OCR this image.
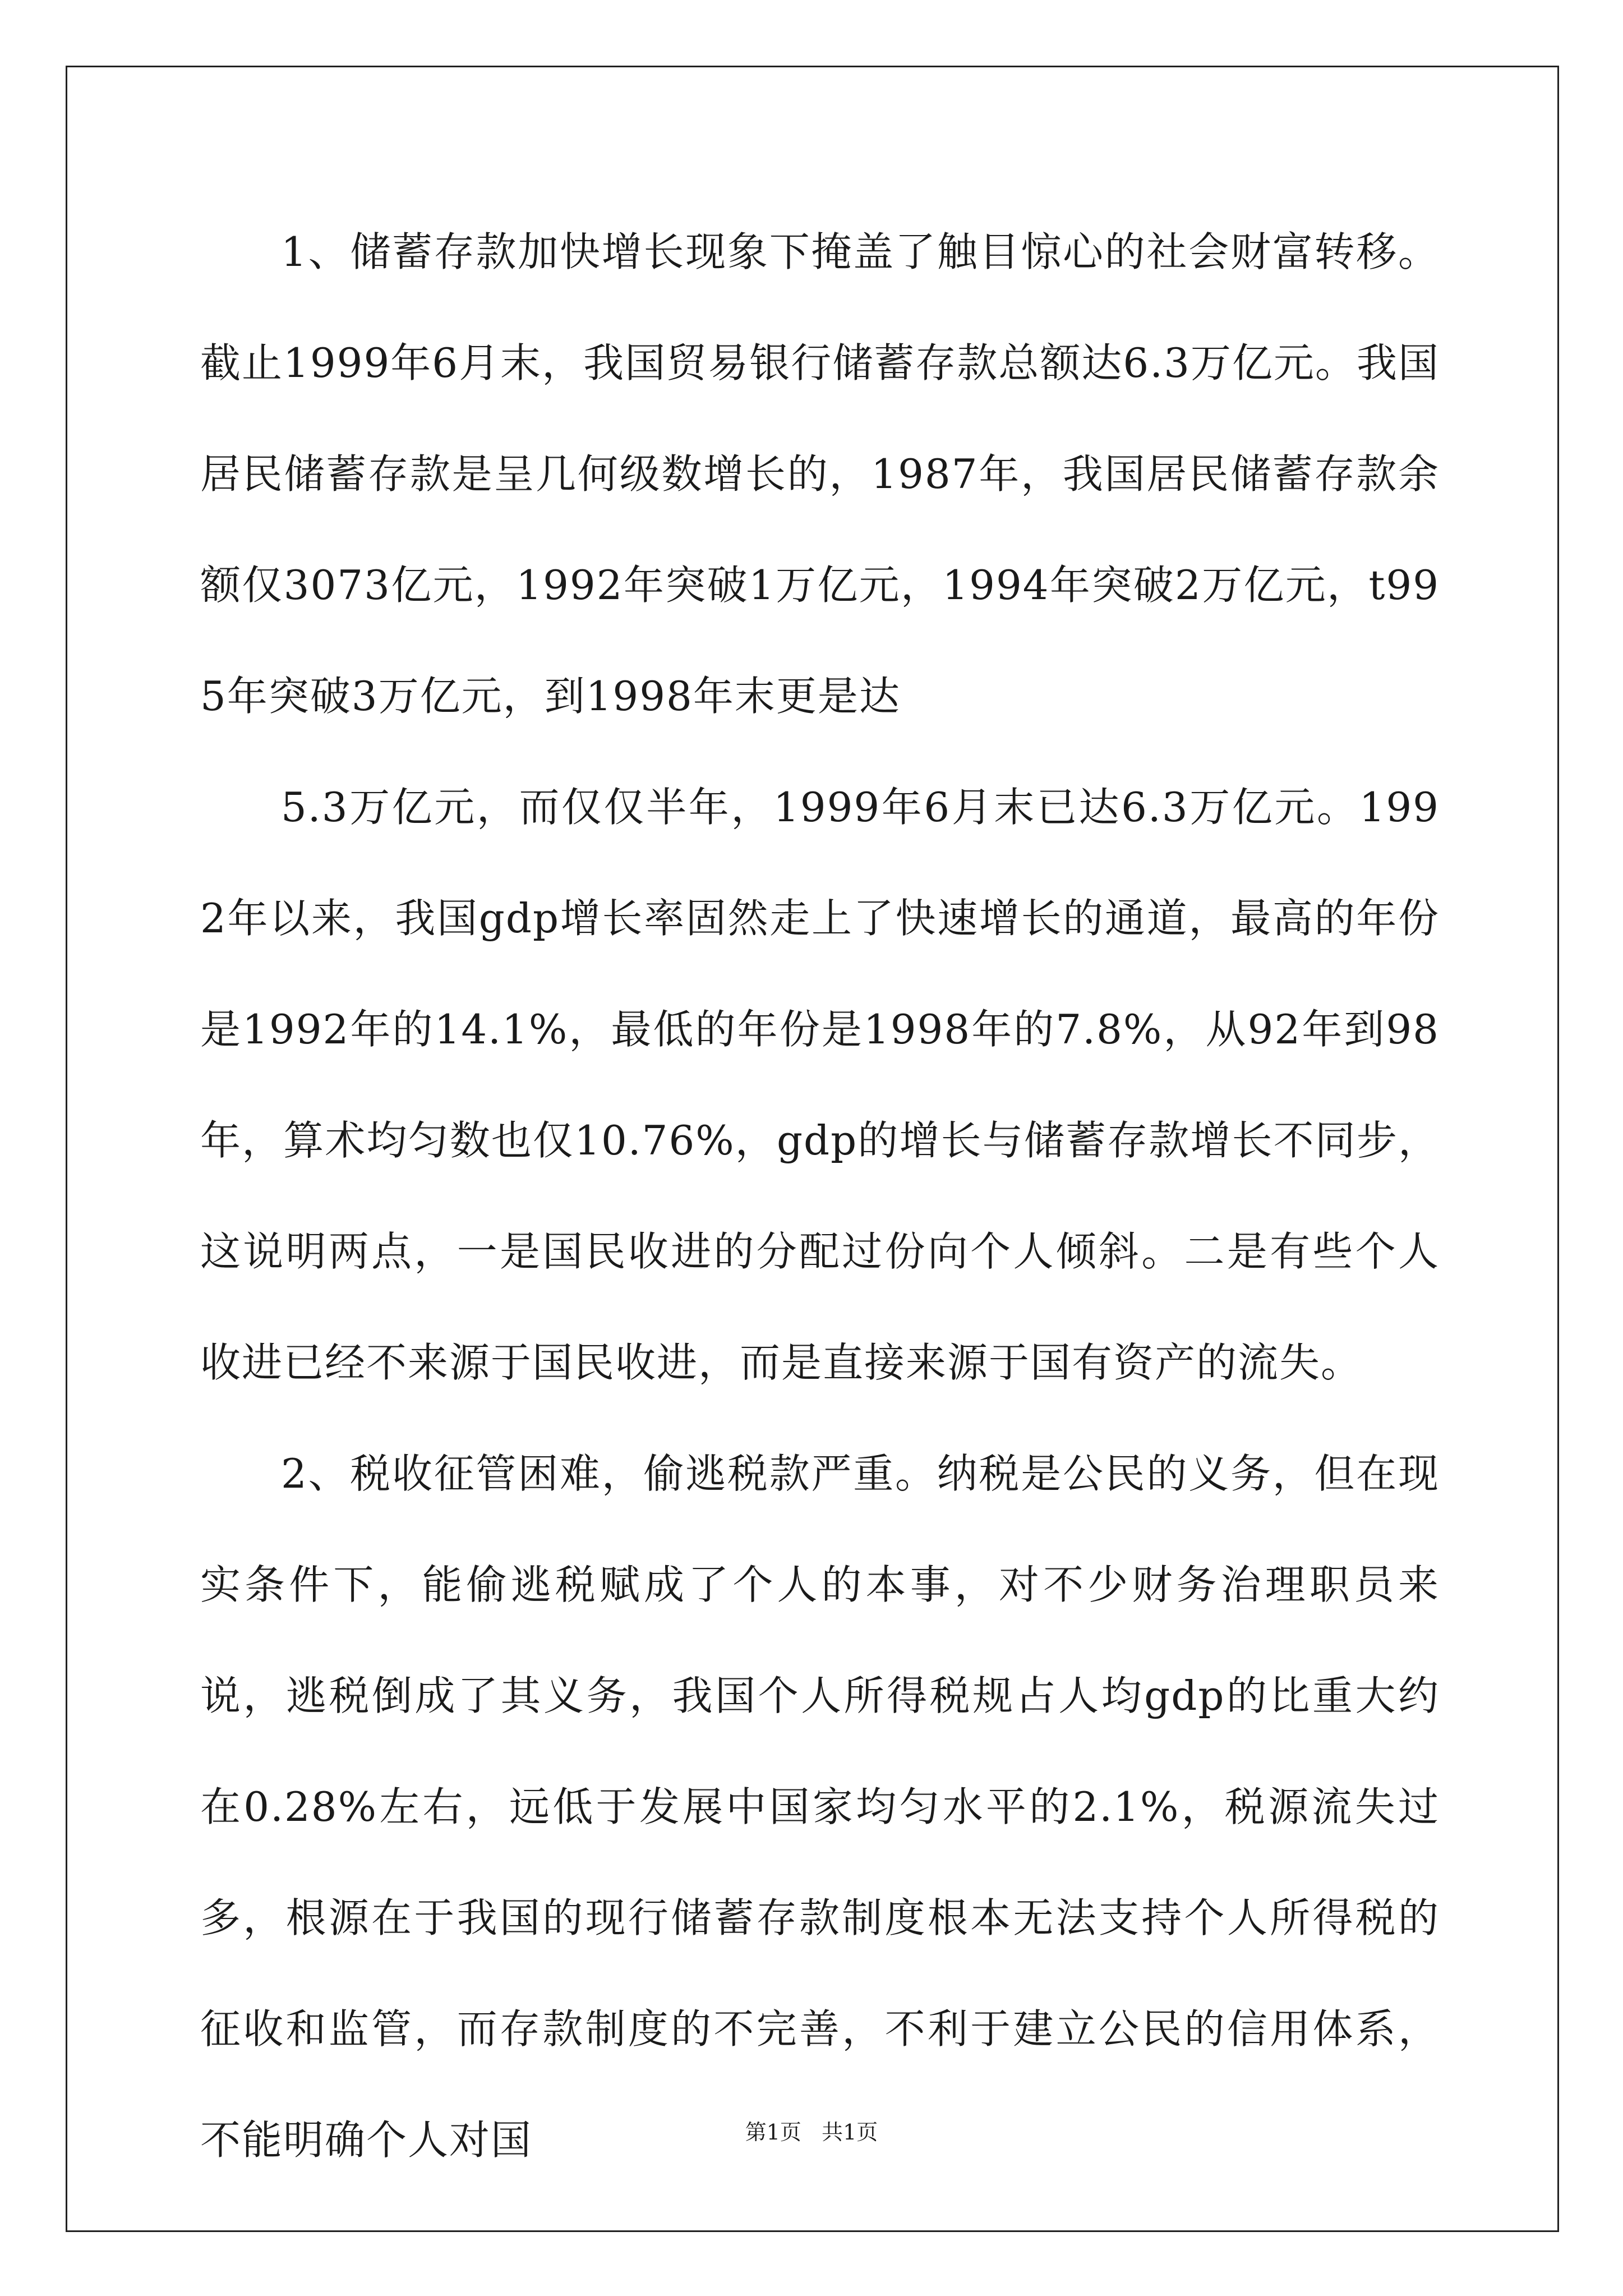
1、储蓄存款加快增长现象下掩盖了触目惊心的社会财富转移。截止1999年6月末，我国贸易银行储蓄存款总额达6.3万亿元。我国居民储蓄存款是呈几何级数增长的，1987年，我国居民储蓄存款余额仅3073亿元，1992年突破1万亿元，1994年突破2万亿元，t995年突破3万亿元，到1998年末更是达

5.3万亿元，而仅仅半年，1999年6月末已达6.3万亿元。1992年以来，我国gdp增长率固然走上了快速增长的通道，最高的年份是1992年的14.1%，最低的年份是1998年的7.8%，从92年到98年，算术均匀数也仅10.76%，gdp的增长与储蓄存款增长不同步，这说明两点，一是国民收进的分配过份向个人倾斜。二是有些个人收进已经不来源于国民收进，而是直接来源于国有资产的流失。

2、税收征管困难，偷逃税款严重。纳税是公民的义务，但在现实条件下，能偷逃税赋成了个人的本事，对不少财务治理职员来说，逃税倒成了其义务，我国个人所得税规占人均gdp的比重大约在0.28%左右，远低于发展中国家均匀水平的2.1%，税源流失过多，根源在于我国的现行储蓄存款制度根本无法支持个人所得税的征收和监管，而存款制度的不完善，不利于建立公民的信用体系，不能明确个人对国	第1页 共1页
